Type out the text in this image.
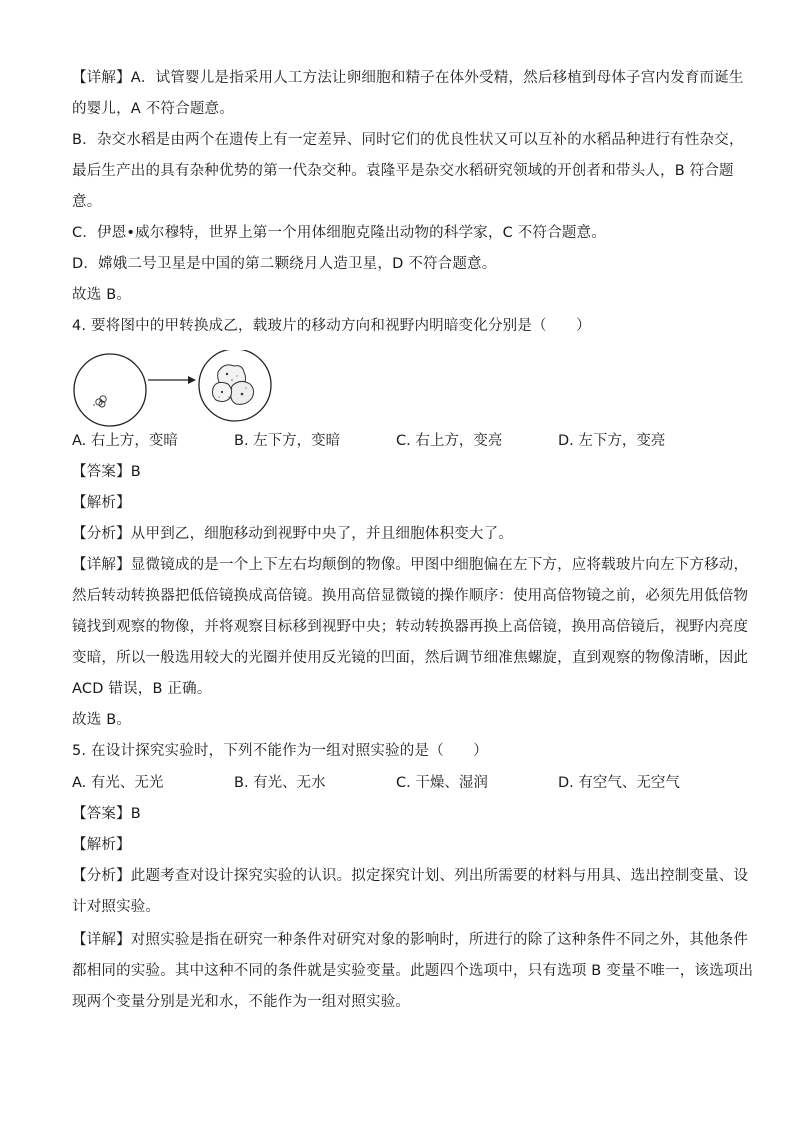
【详解】A．试管婴儿是指采用人工方法让卵细胞和精子在体外受精，然后移植到母体子宫内发育而诞生
的婴儿，A 不符合题意。
B．杂交水稻是由两个在遗传上有一定差异、同时它们的优良性状又可以互补的水稻品种进行有性杂交，
最后生产出的具有杂种优势的第一代杂交种。袁隆平是杂交水稻研究领域的开创者和带头人，B 符合题
意。
C．伊恩•威尔穆特，世界上第一个用体细胞克隆出动物的科学家，C 不符合题意。
D．嫦娥二号卫星是中国的第二颗绕月人造卫星，D 不符合题意。
故选 B。
4. 要将图中的甲转换成乙，载玻片的移动方向和视野内明暗变化分别是（　　）
A. 右上方，变暗	B. 左下方，变暗	C. 右上方，变亮	D. 左下方，变亮
【答案】B
【解析】
【分析】从甲到乙，细胞移动到视野中央了，并且细胞体积变大了。
【详解】显微镜成的是一个上下左右均颠倒的物像。甲图中细胞偏在左下方，应将载玻片向左下方移动，
然后转动转换器把低倍镜换成高倍镜。换用高倍显微镜的操作顺序：使用高倍物镜之前，必须先用低倍物
镜找到观察的物像，并将观察目标移到视野中央；转动转换器再换上高倍镜，换用高倍镜后，视野内亮度
变暗，所以一般选用较大的光圈并使用反光镜的凹面，然后调节细准焦螺旋，直到观察的物像清晰，因此
ACD 错误，B 正确。
故选 B。
5. 在设计探究实验时，下列不能作为一组对照实验的是（　　）
A. 有光、无光	B. 有光、无水	C. 干燥、湿润	D. 有空气、无空气
【答案】B
【解析】
【分析】此题考查对设计探究实验的认识。拟定探究计划、列出所需要的材料与用具、选出控制变量、设
计对照实验。
【详解】对照实验是指在研究一种条件对研究对象的影响时，所进行的除了这种条件不同之外，其他条件
都相同的实验。其中这种不同的条件就是实验变量。此题四个选项中，只有选项 B 变量不唯一，该选项出
现两个变量分别是光和水，不能作为一组对照实验。
